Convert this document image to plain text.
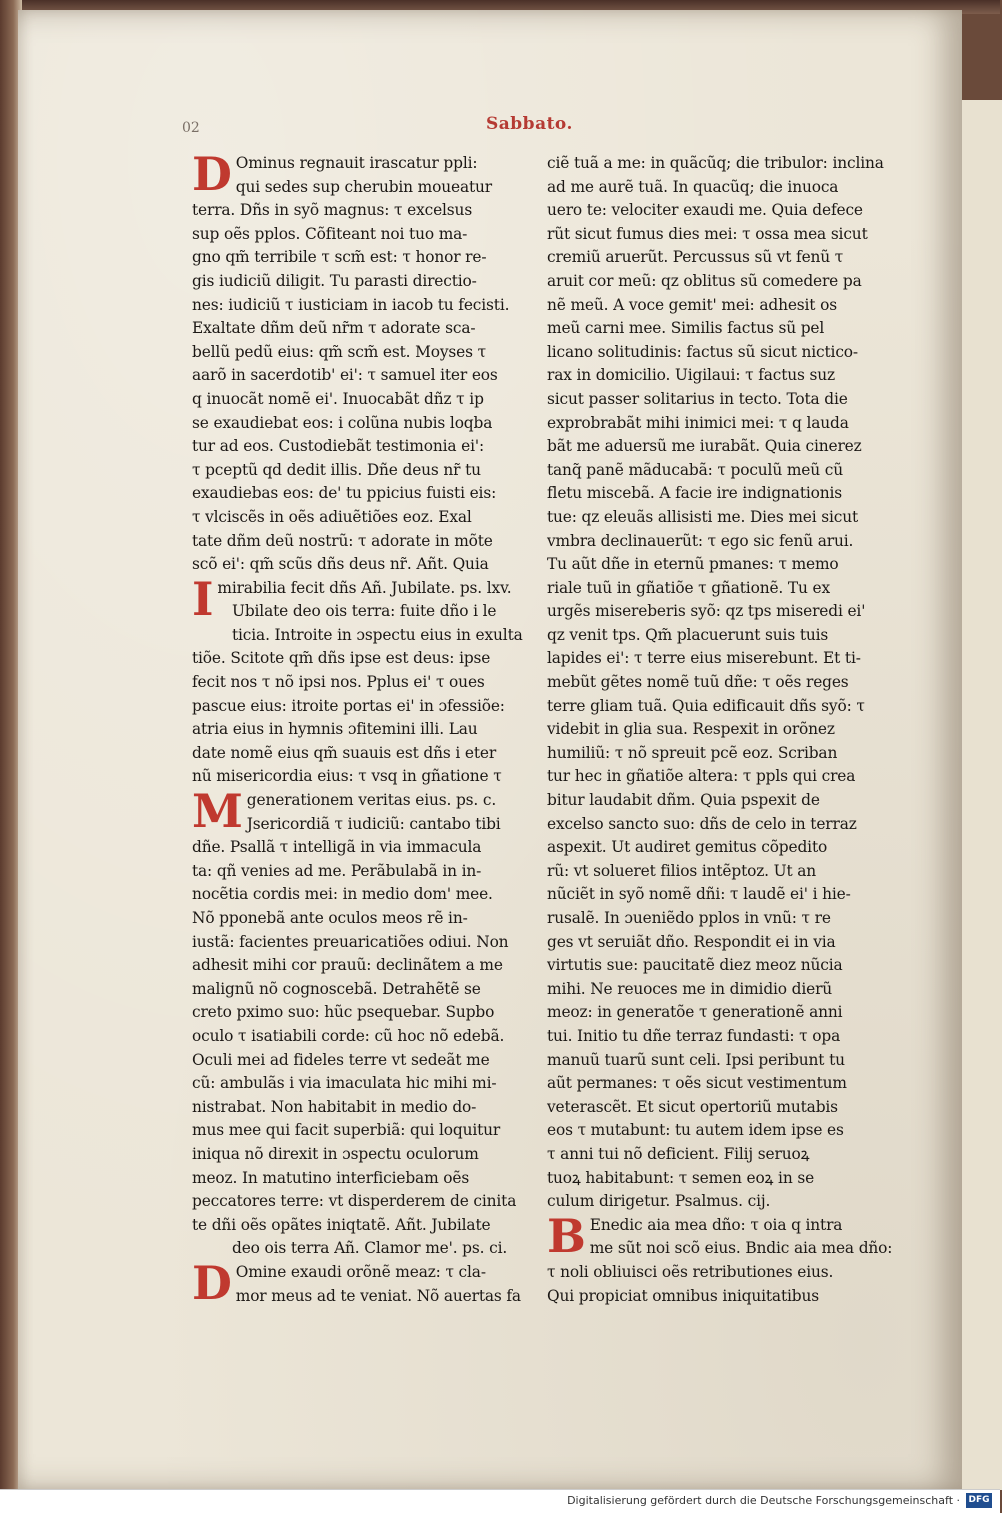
02	Sabbato.
D Ominus regnauit irascatur ppli:
qui sedes sup cherubin moueatur
terra. Dñs in syõ magnus: τ excelsus
sup oẽs pplos. Cõfiteant noi tuo ma-
gno qm̃ terribile τ scm̃ est: τ honor re-
gis iudiciũ diligit. Tu parasti directio-
nes: iudiciũ τ iusticiam in iacob tu fecisti.
Exaltate dñm deũ nr̃m τ adorate sca-
bellũ pedũ eius: qm̃ scm̃ est. Moyses τ
aarõ in sacerdotib' ei': τ samuel iter eos
q inuocãt nomẽ ei'. Inuocabãt dñz τ ip
se exaudiebat eos: i colũna nubis loqba
tur ad eos. Custodiebãt testimonia ei':
τ pceptũ qd dedit illis. Dñe deus nr̃ tu
exaudiebas eos: de' tu ppicius fuisti eis:
τ vlciscẽs in oẽs adiuẽtiões eoz. Exal
tate dñm deũ nostrũ: τ adorate in mõte
scõ ei': qm̃ scũs dñs deus nr̃. Añt. Quia
Imirabilia fecit dñs Añ. Jubilate. ps. lxv.
Ubilate deo ois terra: fuite dño i le
ticia. Introite in ɔspectu eius in exulta
tiõe. Scitote qm̃ dñs ipse est deus: ipse
fecit nos τ nõ ipsi nos. Pplus ei' τ oues
pascue eius: itroite portas ei' in ɔfessiõe:
atria eius in hymnis ɔfitemini illi. Lau
date nomẽ eius qm̃ suauis est dñs i eter
nũ misericordia eius: τ vsq in gñatione τ
Mgenerationem veritas eius. ps. c.
Jsericordiã τ iudiciũ: cantabo tibi
dñe. Psallã τ intelligã in via immacula
ta: qñ venies ad me. Perãbulabã in in-
nocẽtia cordis mei: in medio dom' mee.
Nõ pponebã ante oculos meos rẽ in-
iustã: facientes preuaricatiões odiui. Non
adhesit mihi cor prauũ: declinãtem a me
malignũ nõ cognoscebã. Detrahẽtẽ se
creto pximo suo: hũc psequebar. Supbo
oculo τ isatiabili corde: cũ hoc nõ edebã.
Oculi mei ad fideles terre vt sedeãt me
cũ: ambulãs i via imaculata hic mihi mi-
nistrabat. Non habitabit in medio do-
mus mee qui facit superbiã: qui loquitur
iniqua nõ direxit in ɔspectu oculorum
meoz. In matutino interficiebam oẽs
peccatores terre: vt disperderem de cinita
te dñi oẽs opãtes iniqtatẽ. Añt. Jubilate
deo ois terra Añ. Clamor me'. ps. ci.
D Omine exaudi orõnẽ meaz: τ cla-
mor meus ad te veniat. Nõ auertas fa
ciẽ tuã a me: in quãcũq; die tribulor: inclina
ad me aurẽ tuã. In quacũq; die inuoca
uero te: velociter exaudi me. Quia defece
rũt sicut fumus dies mei: τ ossa mea sicut
cremiũ aruerũt. Percussus sũ vt fenũ τ
aruit cor meũ: qz oblitus sũ comedere pa
nẽ meũ. A voce gemit' mei: adhesit os
meũ carni mee. Similis factus sũ pel
licano solitudinis: factus sũ sicut nictico-
rax in domicilio. Uigilaui: τ factus suz
sicut passer solitarius in tecto. Tota die
exprobrabãt mihi inimici mei: τ q lauda
bãt me aduersũ me iurabãt. Quia cinerez
tanq̃ panẽ mãducabã: τ poculũ meũ cũ
fletu miscebã. A facie ire indignationis
tue: qz eleuãs allisisti me. Dies mei sicut
vmbra declinauerũt: τ ego sic fenũ arui.
Tu aũt dñe in eternũ pmanes: τ memo
riale tuũ in gñatiõe τ gñationẽ. Tu ex
urgẽs misereberis syõ: qz tps miseredi ei'
qz venit tps. Qm̃ placuerunt suis tuis
lapides ei': τ terre eius miserebunt. Et ti-
mebũt gẽtes nomẽ tuũ dñe: τ oẽs reges
terre gliam tuã. Quia edificauit dñs syõ: τ
videbit in glia sua. Respexit in orõnez
humiliũ: τ nõ spreuit pcẽ eoz. Scriban
tur hec in gñatiõe altera: τ ppls qui crea
bitur laudabit dñm. Quia pspexit de
excelso sancto suo: dñs de celo in terraz
aspexit. Ut audiret gemitus cõpedito
rũ: vt solueret filios intẽptoz. Ut an
nũciẽt in syõ nomẽ dñi: τ laudẽ ei' i hie-
rusalẽ. In ɔueniẽdo pplos in vnũ: τ re
ges vt seruiãt dño. Respondit ei in via
virtutis sue: paucitatẽ diez meoz nũcia
mihi. Ne reuoces me in dimidio dierũ
meoz: in generatõe τ generationẽ anni
tui. Initio tu dñe terraz fundasti: τ opa
manuũ tuarũ sunt celi. Ipsi peribunt tu
aũt permanes: τ oẽs sicut vestimentum
veterascẽt. Et sicut opertoriũ mutabis
eos τ mutabunt: tu autem idem ipse es
τ anni tui nõ deficient. Filij seruoꝝ
tuoꝝ habitabunt: τ semen eoꝝ in se
culum dirigetur. Psalmus. cij.
B Enedic aia mea dño: τ oia q intra
me sũt noi scõ eius. Bndic aia mea dño:
τ noli obliuisci oẽs retributiones eius.
Qui propiciat omnibus iniquitatibus
Digitalisierung gefördert durch die Deutsche Forschungsgemeinschaft · DFG
